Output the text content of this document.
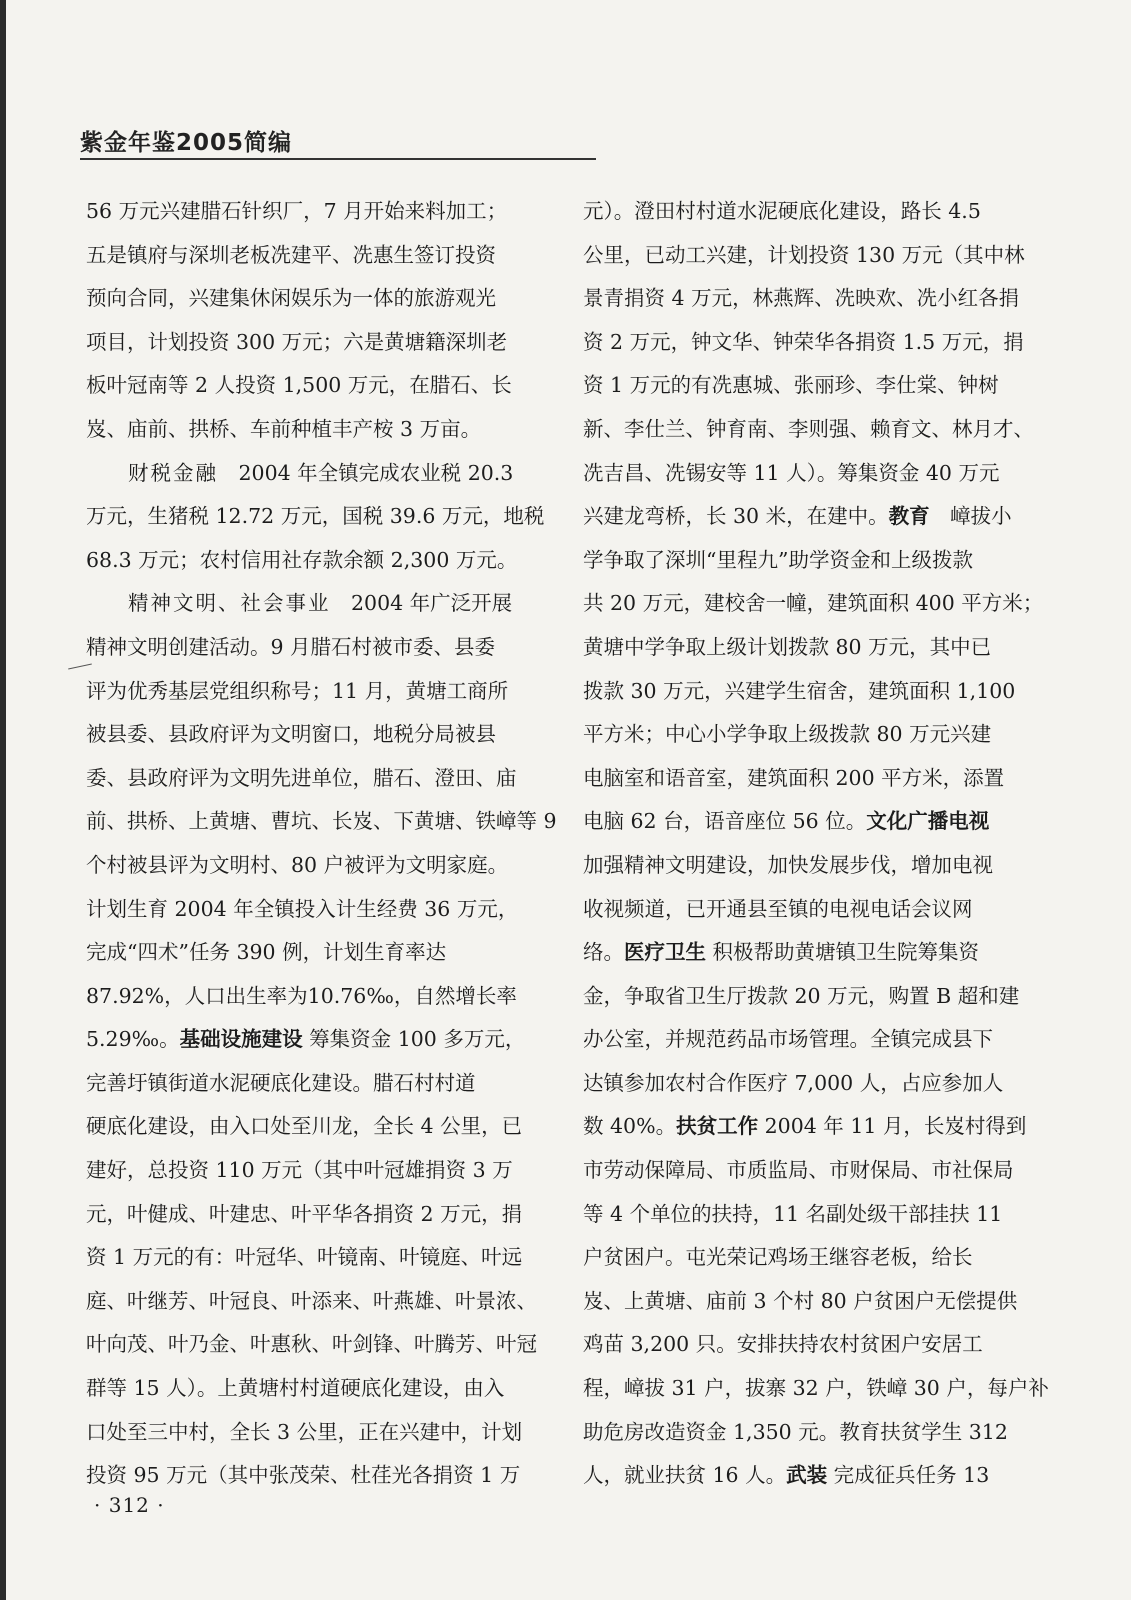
紫金年鉴2005简编
56 万元兴建腊石针织厂，7 月开始来料加工；
五是镇府与深圳老板冼建平、冼惠生签订投资
预向合同，兴建集休闲娱乐为一体的旅游观光
项目，计划投资 300 万元；六是黄塘籍深圳老
板叶冠南等 2 人投资 1,500 万元，在腊石、长
岌、庙前、拱桥、车前种植丰产桉 3 万亩。
财税金融　2004 年全镇完成农业税 20.3
万元，生猪税 12.72 万元，国税 39.6 万元，地税
68.3 万元；农村信用社存款余额 2,300 万元。
精神文明、社会事业　2004 年广泛开展
精神文明创建活动。9 月腊石村被市委、县委
评为优秀基层党组织称号；11 月，黄塘工商所
被县委、县政府评为文明窗口，地税分局被县
委、县政府评为文明先进单位，腊石、澄田、庙
前、拱桥、上黄塘、曹坑、长岌、下黄塘、铁嶂等 9
个村被县评为文明村、80 户被评为文明家庭。
计划生育 2004 年全镇投入计生经费 36 万元，
完成“四术”任务 390 例，计划生育率达
87.92%，人口出生率为10.76‰，自然增长率
5.29‰。基础设施建设 筹集资金 100 多万元，
完善圩镇街道水泥硬底化建设。腊石村村道
硬底化建设，由入口处至川龙，全长 4 公里，已
建好，总投资 110 万元（其中叶冠雄捐资 3 万
元，叶健成、叶建忠、叶平华各捐资 2 万元，捐
资 1 万元的有：叶冠华、叶镜南、叶镜庭、叶远
庭、叶继芳、叶冠良、叶添来、叶燕雄、叶景浓、
叶向茂、叶乃金、叶惠秋、叶剑锋、叶腾芳、叶冠
群等 15 人）。上黄塘村村道硬底化建设，由入
口处至三中村，全长 3 公里，正在兴建中，计划
投资 95 万元（其中张茂荣、杜荏光各捐资 1 万
元）。澄田村村道水泥硬底化建设，路长 4.5
公里，已动工兴建，计划投资 130 万元（其中林
景青捐资 4 万元，林燕辉、冼映欢、冼小红各捐
资 2 万元，钟文华、钟荣华各捐资 1.5 万元，捐
资 1 万元的有冼惠城、张丽珍、李仕棠、钟树
新、李仕兰、钟育南、李则强、赖育文、林月才、
冼吉昌、冼锡安等 11 人）。筹集资金 40 万元
兴建龙弯桥，长 30 米，在建中。教育　嶂拔小
学争取了深圳“里程九”助学资金和上级拨款
共 20 万元，建校舍一幢，建筑面积 400 平方米；
黄塘中学争取上级计划拨款 80 万元，其中已
拨款 30 万元，兴建学生宿舍，建筑面积 1,100
平方米；中心小学争取上级拨款 80 万元兴建
电脑室和语音室，建筑面积 200 平方米，添置
电脑 62 台，语音座位 56 位。文化广播电视
加强精神文明建设，加快发展步伐，增加电视
收视频道，已开通县至镇的电视电话会议网
络。医疗卫生 积极帮助黄塘镇卫生院筹集资
金，争取省卫生厅拨款 20 万元，购置 B 超和建
办公室，并规范药品市场管理。全镇完成县下
达镇参加农村合作医疗 7,000 人，占应参加人
数 40%。扶贫工作 2004 年 11 月，长岌村得到
市劳动保障局、市质监局、市财保局、市社保局
等 4 个单位的扶持，11 名副处级干部挂扶 11
户贫困户。屯光荣记鸡场王继容老板，给长
岌、上黄塘、庙前 3 个村 80 户贫困户无偿提供
鸡苗 3,200 只。安排扶持农村贫困户安居工
程，嶂拔 31 户，拔寨 32 户，铁嶂 30 户，每户补
助危房改造资金 1,350 元。教育扶贫学生 312
人，就业扶贫 16 人。武装 完成征兵任务 13
· 312 ·
